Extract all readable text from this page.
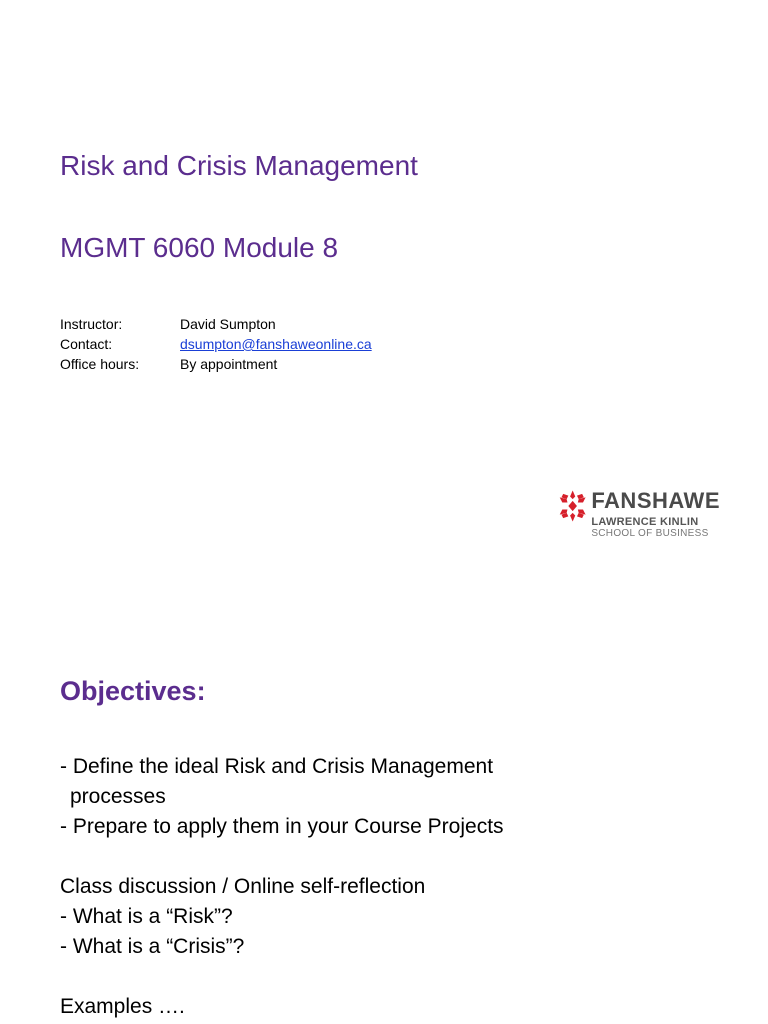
Risk and Crisis Management
MGMT 6060 Module 8
Instructor:	David Sumpton
Contact:	dsumpton@fanshaweonline.ca
Office hours:	By appointment
FANSHAWE
LAWRENCE KINLIN
SCHOOL OF BUSINESS
Objectives:
- Define the ideal Risk and Crisis Management
processes
- Prepare to apply them in your Course Projects
Class discussion / Online self-reflection
- What is a “Risk”?
- What is a “Crisis”?
Examples ….
